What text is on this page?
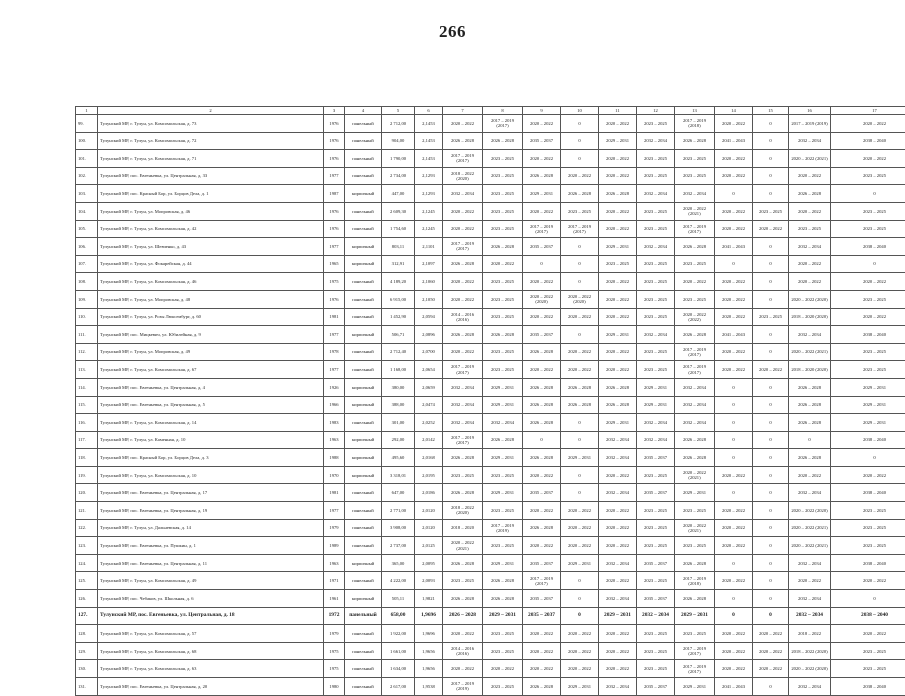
266
1	2	3	4	5	6	7	8	9	10	11	12	13	14	15	16	17
99.	Тулунский МР, г. Тулун, ул. Комсомольская, д. 73	1976	панельный	2 712,00	2,1453	2020 – 2022	2017 – 2019 (2017)	2020 – 2022	0	2020 – 2022	2023 – 2025	2017 – 2019 (2018)	2020 – 2022	0	2017 – 2019 (2019)	2020 – 2022
100.	Тулунский МР, г. Тулун, ул. Комсомольская, д. 72	1976	панельный	904,00	2,1453	2026 – 2028	2026 – 2028	2035 – 2037	0	2029 – 2031	2032 – 2034	2026 – 2028	2041 – 2043	0	2032 – 2034	2038 – 2040
101.	Тулунский МР, г. Тулун, ул. Комсомольская, д. 71	1976	панельный	1 790,00	2,1453	2017 – 2019 (2017)	2023 – 2025	2020 – 2022	0	2020 – 2022	2023 – 2025	2023 – 2025	2020 – 2022	0	2020 – 2022 (2021)	2020 – 2022
102.	Тулунский МР, пос. Евгеньевка, ул. Центральная, д. 33	1977	панельный	2 734,00	2,1293	2018 – 2022 (2020)	2023 – 2025	2026 – 2028	2020 – 2022	2020 – 2022	2023 – 2025	2023 – 2025	2020 – 2022	0	2020 – 2022	2023 – 2025
103.	Тулунский МР, пос. Красный Бор, ул. Борцов Дела, д. 1	1987	кирпичный	447,00	2,1293	2032 – 2034	2023 – 2025	2029 – 2031	2026 – 2028	2026 – 2028	2032 – 2034	2032 – 2034	0	0	2026 – 2028	0
104.	Тулунский МР, г. Тулун, ул. Мопровская, д. 46	1976	панельный	2 609,30	2,1245	2020 – 2022	2023 – 2025	2020 – 2022	2023 – 2025	2020 – 2022	2023 – 2025	2020 – 2022 (2021)	2020 – 2022	2023 – 2025	2020 – 2022	2023 – 2025
105.	Тулунский МР, г. Тулун, ул. Комсомольская, д. 42	1976	панельный	1 754,60	2,1245	2020 – 2022	2023 – 2025	2017 – 2019 (2017)	2017 – 2019 (2017)	2020 – 2022	2023 – 2025	2017 – 2019 (2017)	2020 – 2022	2020 – 2022	2023 – 2025	2023 – 2025
106.	Тулунский МР, г. Тулун, ул. Шевченко, д. 43	1977	кирпичный	803,11	2,1101	2017 – 2019 (2017)	2026 – 2028	2035 – 2037	0	2029 – 2031	2032 – 2034	2026 – 2028	2041 – 2043	0	2032 – 2034	2038 – 2040
107.	Тулунский МР, г. Тулун, ул. Фокарейская, д. 44	1965	кирпичный	312,91	2,1097	2026 – 2028	2020 – 2022	0	0	2023 – 2025	2023 – 2025	2023 – 2025	0	0	2020 – 2022	0
108.	Тулунский МР, г. Тулун, ул. Комсомольская, д. 46	1975	панельный	4 189,20	2,1060	2020 – 2022	2023 – 2025	2020 – 2022	0	2020 – 2022	2023 – 2025	2020 – 2022	2020 – 2022	0	2020 – 2022	2020 – 2022
109.	Тулунский МР, г. Тулун, ул. Мопровская, д. 48	1976	панельный	6 915,00	2,1050	2020 – 2022	2023 – 2025	2020 – 2022 (2020)	2020 – 2022 (2020)	2020 – 2022	2023 – 2025	2023 – 2025	2020 – 2022	0	2020 – 2022 (2020)	2023 – 2025
110.	Тулунский МР, г. Тулун, ул. Розы Люксембург, д. 60	1981	панельный	1 452,90	2,0594	2014 – 2016 (2016)	2023 – 2025	2020 – 2022	2020 – 2022	2020 – 2022	2023 – 2025	2020 – 2022 (2022)	2020 – 2022	2023 – 2025	2018 – 2020 (2020)	2020 – 2022
111.	Тулунский МР, пос. Мицкевич, ул. Юбилейная, д. 9	1977	кирпичный	506,71	2,0896	2026 – 2028	2026 – 2028	2035 – 2037	0	2029 – 2031	2032 – 2034	2026 – 2028	2041 – 2043	0	2032 – 2034	2038 – 2040
112.	Тулунский МР, г. Тулун, ул. Мопровская, д. 49	1978	панельный	2 712,40	2,0700	2020 – 2022	2023 – 2025	2026 – 2028	2020 – 2022	2020 – 2022	2023 – 2025	2017 – 2019 (2017)	2020 – 2022	0	2020 – 2022 (2021)	2023 – 2025
113.	Тулунский МР, г. Тулун, ул. Комсомольская, д. 67	1977	панельный	1 168,00	2,0654	2017 – 2019 (2017)	2023 – 2025	2020 – 2022	2020 – 2022	2020 – 2022	2023 – 2025	2017 – 2019 (2017)	2020 – 2022	2020 – 2022	2018 – 2020 (2020)	2023 – 2025
114.	Тулунский МР, пос. Евгеньевка, ул. Центральная, д. 4	1926	кирпичный	380,00	2,0659	2032 – 2034	2029 – 2031	2026 – 2028	2026 – 2028	2026 – 2028	2029 – 2031	2032 – 2034	0	0	2026 – 2028	2029 – 2031
115.	Тулунский МР, пос. Евгеньевка, ул. Центральная, д. 5	1966	кирпичный	388,00	2,0474	2032 – 2034	2029 – 2031	2026 – 2028	2026 – 2028	2026 – 2028	2029 – 2031	2032 – 2034	0	0	2026 – 2028	2029 – 2031
116.	Тулунский МР, г. Тулун, ул. Комсомольская, д. 14	1983	панельный	301,00	2,0252	2032 – 2034	2032 – 2034	2026 – 2028	0	2029 – 2031	2032 – 2034	2032 – 2034	0	0	2026 – 2028	2029 – 2031
117.	Тулунский МР, г. Тулун, ул. Каменная, д. 10	1963	кирпичный	292,00	2,0142	2017 – 2019 (2017)	2026 – 2028	0	0	2032 – 2034	2032 – 2034	2026 – 2028	0	0	0	2038 – 2040
118.	Тулунский МР, пос. Красный Бор, ул. Борцов Дела, д. 3	1988	кирпичный	495,60	2,0168	2026 – 2028	2029 – 2031	2026 – 2028	2029 – 2031	2032 – 2034	2035 – 2037	2026 – 2028	0	0	2026 – 2028	0
119.	Тулунский МР, г. Тулун, ул. Комсомольская, д. 10	1970	кирпичный	3 318,01	2,0195	2023 – 2025	2023 – 2025	2020 – 2022	0	2020 – 2022	2023 – 2025	2020 – 2022 (2021)	2020 – 2022	0	2020 – 2022	2020 – 2022
120.	Тулунский МР, пос. Евгеньевка, ул. Центральная, д. 17	1981	панельный	647,00	2,0186	2026 – 2028	2029 – 2031	2035 – 2037	0	2032 – 2034	2035 – 2037	2029 – 2031	0	0	2032 – 2034	2038 – 2040
121.	Тулунский МР, пос. Евгеньевка, ул. Центральная, д. 19	1977	панельный	2 771,00	2,0120	2018 – 2022 (2020)	2023 – 2025	2020 – 2022	2020 – 2022	2020 – 2022	2023 – 2025	2023 – 2025	2020 – 2022	0	2020 – 2022 (2020)	2023 – 2025
122.	Тулунский МР, г. Тулун, ул. Дальневская, д. 14	1979	панельный	3 908,00	2,0120	2018 – 2020	2017 – 2019 (2019)	2026 – 2028	2020 – 2022	2020 – 2022	2023 – 2025	2020 – 2022 (2021)	2020 – 2022	0	2020 – 2022 (2021)	2023 – 2025
123.	Тулунский МР, пос. Евгеньевка, ул. Пушкин, д. 1	1989	панельный	2 737,00	2,0125	2020 – 2022 (2021)	2023 – 2025	2020 – 2022	2020 – 2022	2020 – 2022	2023 – 2025	2023 – 2025	2020 – 2022	0	2020 – 2022 (2021)	2023 – 2025
124.	Тулунский МР, пос. Евгеньевка, ул. Центральная, д. 11	1963	кирпичный	365,00	2,0095	2026 – 2028	2029 – 2031	2035 – 2037	2029 – 2031	2032 – 2034	2035 – 2037	2026 – 2028	0	0	2032 – 2034	2038 – 2040
125.	Тулунский МР, г. Тулун, ул. Комсомольская, д. 49	1971	панельный	4 222,00	2,0093	2023 – 2025	2026 – 2028	2017 – 2019 (2017)	0	2020 – 2022	2023 – 2025	2017 – 2019 (2018)	2020 – 2022	0	2020 – 2022	2020 – 2022
126.	Тулунский МР, пос. Чебаков, ул. Школьная, д. 6	1961	кирпичный	505,11	1,9821	2026 – 2028	2026 – 2028	2035 – 2037	0	2032 – 2034	2035 – 2037	2026 – 2028	0	0	2032 – 2034	0
127.	Тулунский МР, пос. Евгеньевка, ул. Центральная, д. 18	1972	панельный	658,00	1,9696	2026 – 2028	2029 – 2031	2035 – 2037	0	2029 – 2031	2032 – 2034	2029 – 2031	0	0	2032 – 2034	2038 – 2040
128.	Тулунский МР, г. Тулун, ул. Комсомольская, д. 57	1979	панельный	1 922,00	1,9696	2020 – 2022	2023 – 2025	2020 – 2022	2020 – 2022	2020 – 2022	2023 – 2025	2023 – 2025	2020 – 2022	2020 – 2022	2018 – 2022	2020 – 2022
129.	Тулунский МР, г. Тулун, ул. Комсомольская, д. 68	1975	панельный	1 661,00	1,9656	2014 – 2016 (2016)	2023 – 2025	2020 – 2022	2020 – 2022	2020 – 2022	2023 – 2025	2017 – 2019 (2017)	2020 – 2022	2020 – 2022	2018 – 2022 (2020)	2023 – 2025
130.	Тулунский МР, г. Тулун, ул. Комсомольская, д. 63	1975	панельный	1 634,00	1,9656	2020 – 2022	2020 – 2022	2020 – 2022	2020 – 2022	2020 – 2022	2023 – 2025	2017 – 2019 (2017)	2020 – 2022	2020 – 2022	2020 – 2022 (2020)	2023 – 2025
131.	Тулунский МР, пос. Евгеньевка, ул. Центральная, д. 20	1980	панельный	2 617,00	1,9538	2017 – 2019 (2019)	2023 – 2025	2026 – 2028	2029 – 2031	2032 – 2034	2035 – 2037	2029 – 2031	2041 – 2043	0	2032 – 2034	2038 – 2040
